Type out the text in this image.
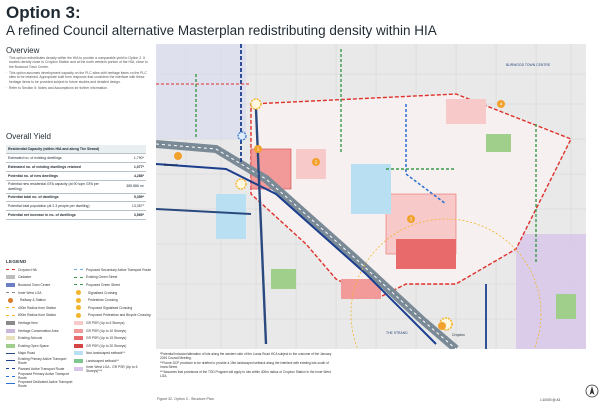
Option 3:
A refined Council alternative Masterplan redistributing density within HIA
Overview

· This option redistributes density within the HIA to provide a comparable yield to Option 2. It locates density close to Croydon Station and at the north western portion of the HIA, close to the Burwood Town Centre.

· This option assumes development capacity on the PLC sites with heritage items on the PLC sites to be retained. Appropriate built form response that considers the interface with these heritage items to be provided subject to future studies and detailed design.

· Refer to Section 5: Notes and Assumptions for further information.

Overall Yield
Residential Capacity (within HIA and along The Strand)	
Estimated no. of existing dwellings	1,790*
Estimated no. of existing dwellings retained	1,077*
Potential no. of new dwellings	4,288*
Potential new residential GFA capacity (at 90 sqm GFA per dwelling)	385,886 m²
Potential total no. of dwellings	5,359*
Potential total population (at 2.3 people per dwelling)	13,357*
Potential net increase in no. of dwellings	3,569*
LEGEND
Croydon HIA
Cadastre
Burwood Town Centre
Inner West LGA
Railway & Station
400m Radius from Station
800m Radius from Station
Heritage Item
Heritage Conservation Area
Existing Schools
Existing Open Space
Major Road
Existing Primary Active Transport Route
Planned Active Transport Route
Proposed Primary Active Transport Route
Proposed Dedicated Active Transport Route
Proposed Secondary Active Transport Route
Existing Green Street
Proposed Green Street
Signalised Crossing
Pedestrian Crossing
Proposed Signalised Crossing
Proposed Pedestrian and Bicycle Crossing
GR PSR (Up to 6 Storeys)
GR PSR (Up to 10 Storeys)
GR PSR (Up to 15 Storeys)
GR PSR (Up to 20 Storeys)
Non-landscaped setback**
Landscaped setback**
Inner West LGA - GR PSR (Up to 6 Storeys)***
1
2
3
4
BURWOOD TOWN CENTRE
THE STRAND
Burwood
Croydon

*Potential inclusion/alteration of lots along the western side of the Lucas Road HCA subject to the outcome of the January 2026 Council Meeting.

**Future DCP provision to be drafted to provide a 15m landscaped setback along the interface with existing lots south of Irrara Street.

***Assumes that provisions of the TOD Program will apply to lots within 400m radius of Croydon Station in the Inner West LGA.

Figure 32. Option 3 - Structure Plan	1:10000 @ A3
